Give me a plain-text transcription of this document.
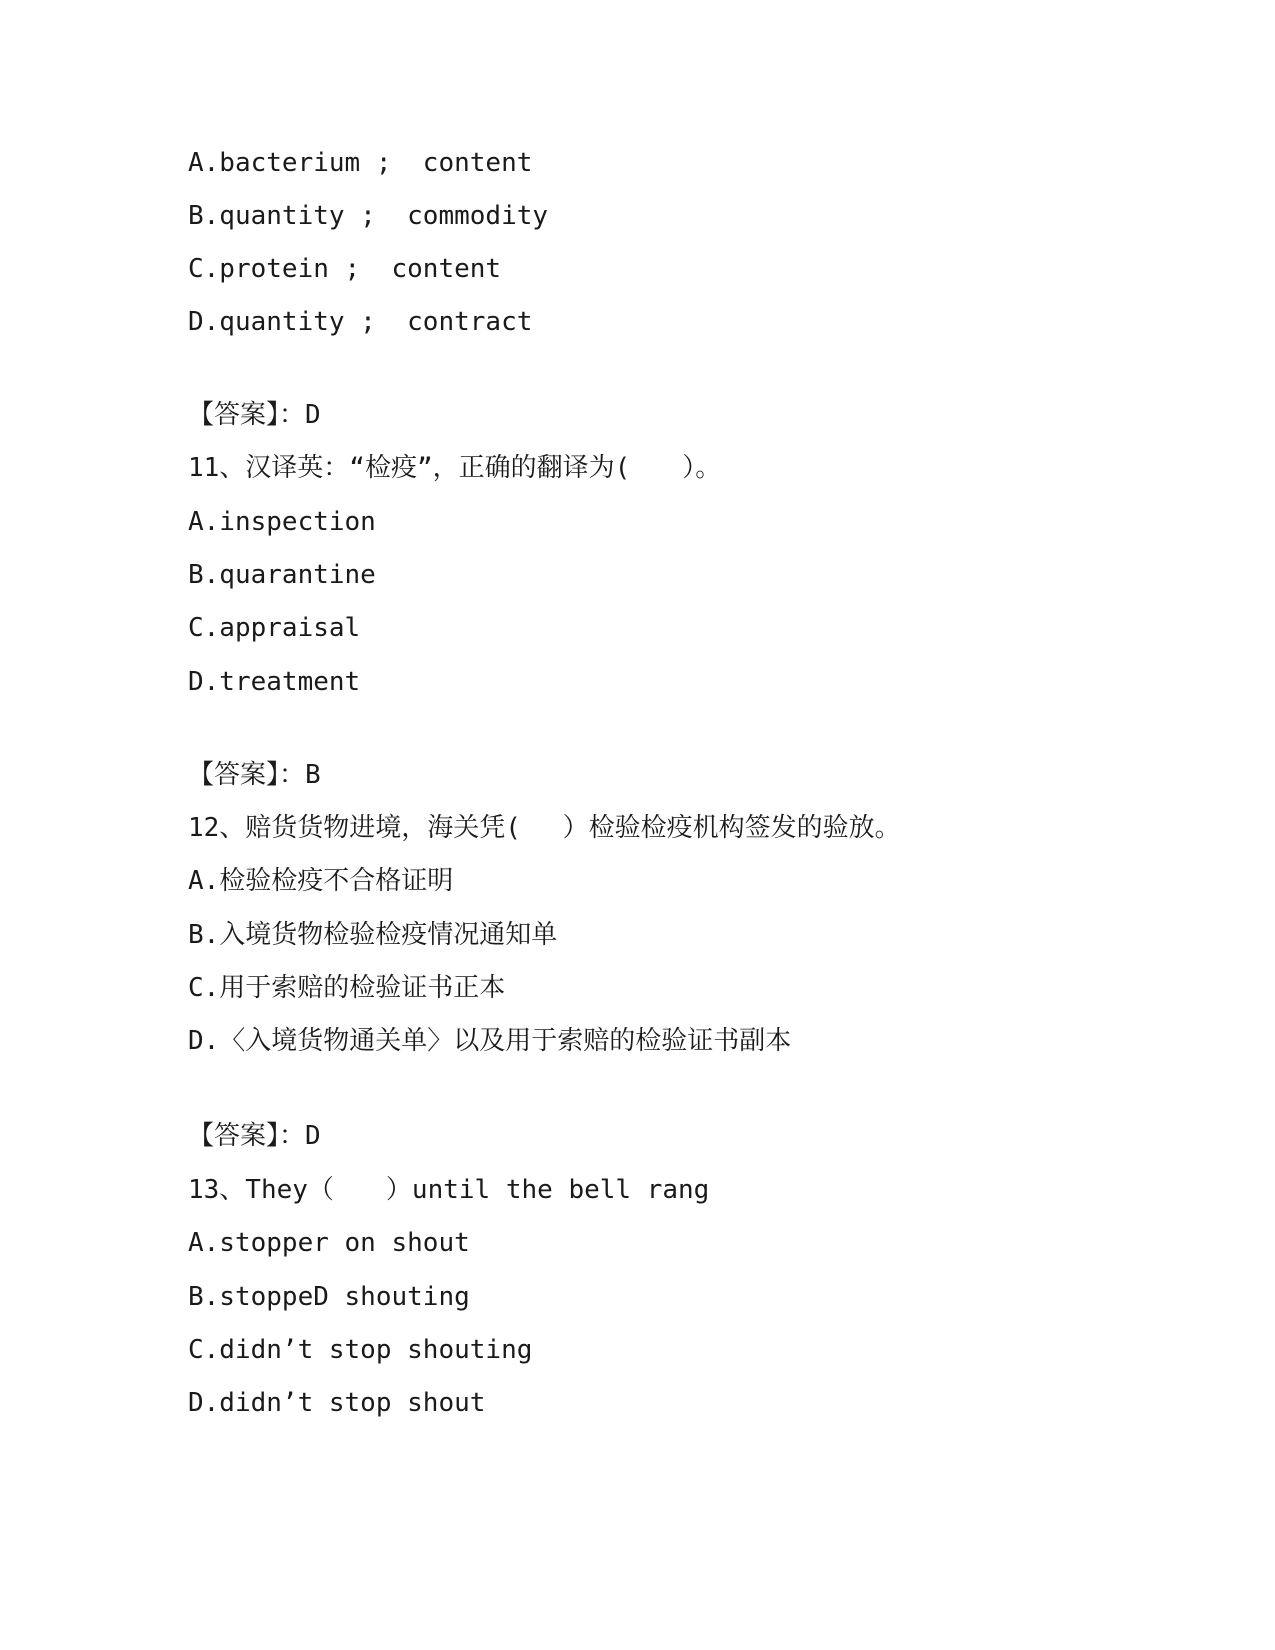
A.bacterium ;  content

B.quantity ;  commodity

C.protein ;  content

D.quantity ;  contract

【答案】：D

11、汉译英：“检疫”，正确的翻译为(　　）。

A.inspection

B.quarantine

C.appraisal

D.treatment

【答案】：B

12、赔货货物进境，海关凭(　 ）检验检疫机构签发的验放。

A.检验检疫不合格证明

B.入境货物检验检疫情况通知单

C.用于索赔的检验证书正本

D.〈入境货物通关单〉以及用于索赔的检验证书副本

【答案】：D

13、They（　　）until the bell rang

A.stopper on shout

B.stoppeD shouting

C.didn’t stop shouting

D.didn’t stop shout
